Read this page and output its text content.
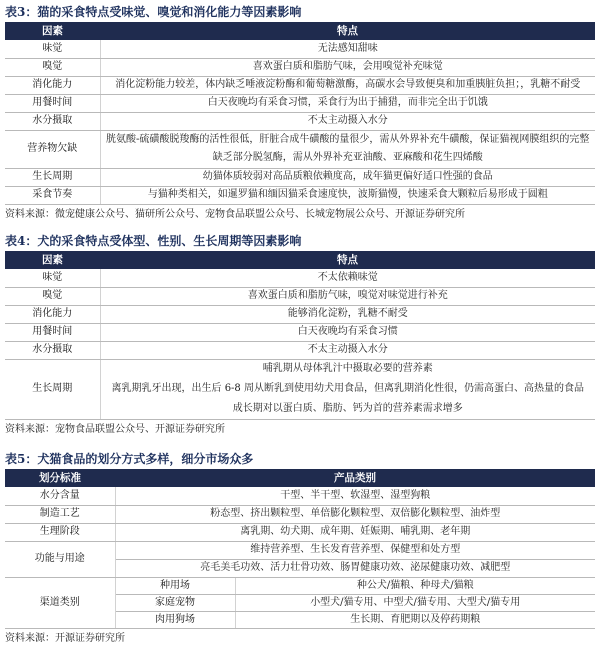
表3：猫的采食特点受味觉、嗅觉和消化能力等因素影响
因素	特点
味觉	无法感知甜味
嗅觉	喜欢蛋白质和脂肪气味，会用嗅觉补充味觉
消化能力	消化淀粉能力较差，体内缺乏唾液淀粉酶和葡萄糖激酶，高碳水会导致便臭和加重胰脏负担；，乳糖不耐受
用餐时间	白天夜晚均有采食习惯，采食行为出于捕猎，而非完全出于饥饿
水分摄取	不太主动摄入水分
营养物欠缺	胱氨酸-硫磺酸脱羧酶的活性很低，肝脏合成牛磺酸的量很少，需从外界补充牛磺酸，保证猫视网膜组织的完整
	缺乏部分脱氢酶，需从外界补充亚油酸、亚麻酸和花生四烯酸
生长周期	幼猫体质较弱对高品质粮依赖度高，成年猫更偏好适口性强的食品
采食节奏	与猫种类相关，如暹罗猫和缅因猫采食速度快，波斯猫慢，快速采食大颗粒后易形成于圆粗
资料来源：微宠健康公众号、猫研所公众号、宠物食品联盟公众号、长城宠物展公众号、开源证券研究所
表4：犬的采食特点受体型、性别、生长周期等因素影响
因素	特点
味觉	不太依赖味觉
嗅觉	喜欢蛋白质和脂肪气味，嗅觉对味觉进行补充
消化能力	能够消化淀粉，乳糖不耐受
用餐时间	白天夜晚均有采食习惯
水分摄取	不太主动摄入水分
生长周期	哺乳期从母体乳汁中摄取必要的营养素
	离乳期乳牙出现，出生后 6-8 周从断乳到使用幼犬用食品，但离乳期消化性很，仍需高蛋白、高热量的食品
	成长期对以蛋白质、脂肪、钙为首的营养素需求增多
资料来源：宠物食品联盟公众号、开源证券研究所
表5：犬猫食品的划分方式多样，细分市场众多
划分标准	产品类别	
水分含量	干型、半干型、软湿型、湿型狗粮	
制造工艺	粉态型、挤出颗粒型、单倍膨化颗粒型、双倍膨化颗粒型、油炸型	
生理阶段	离乳期、幼犬期、成年期、妊娠期、哺乳期、老年期	
功能与用途	维持营养型、生长发育营养型、保健型和处方型	
	亮毛美毛功效、活力壮骨功效、肠胃健康功效、泌尿健康功效、减肥型	
渠道类别	种用场	种公犬/猫粮、种母犬/猫粮
	家庭宠物	小型犬/猫专用、中型犬/猫专用、大型犬/猫专用
	肉用狗场	生长期、育肥期以及停药期粮
资料来源：开源证券研究所
